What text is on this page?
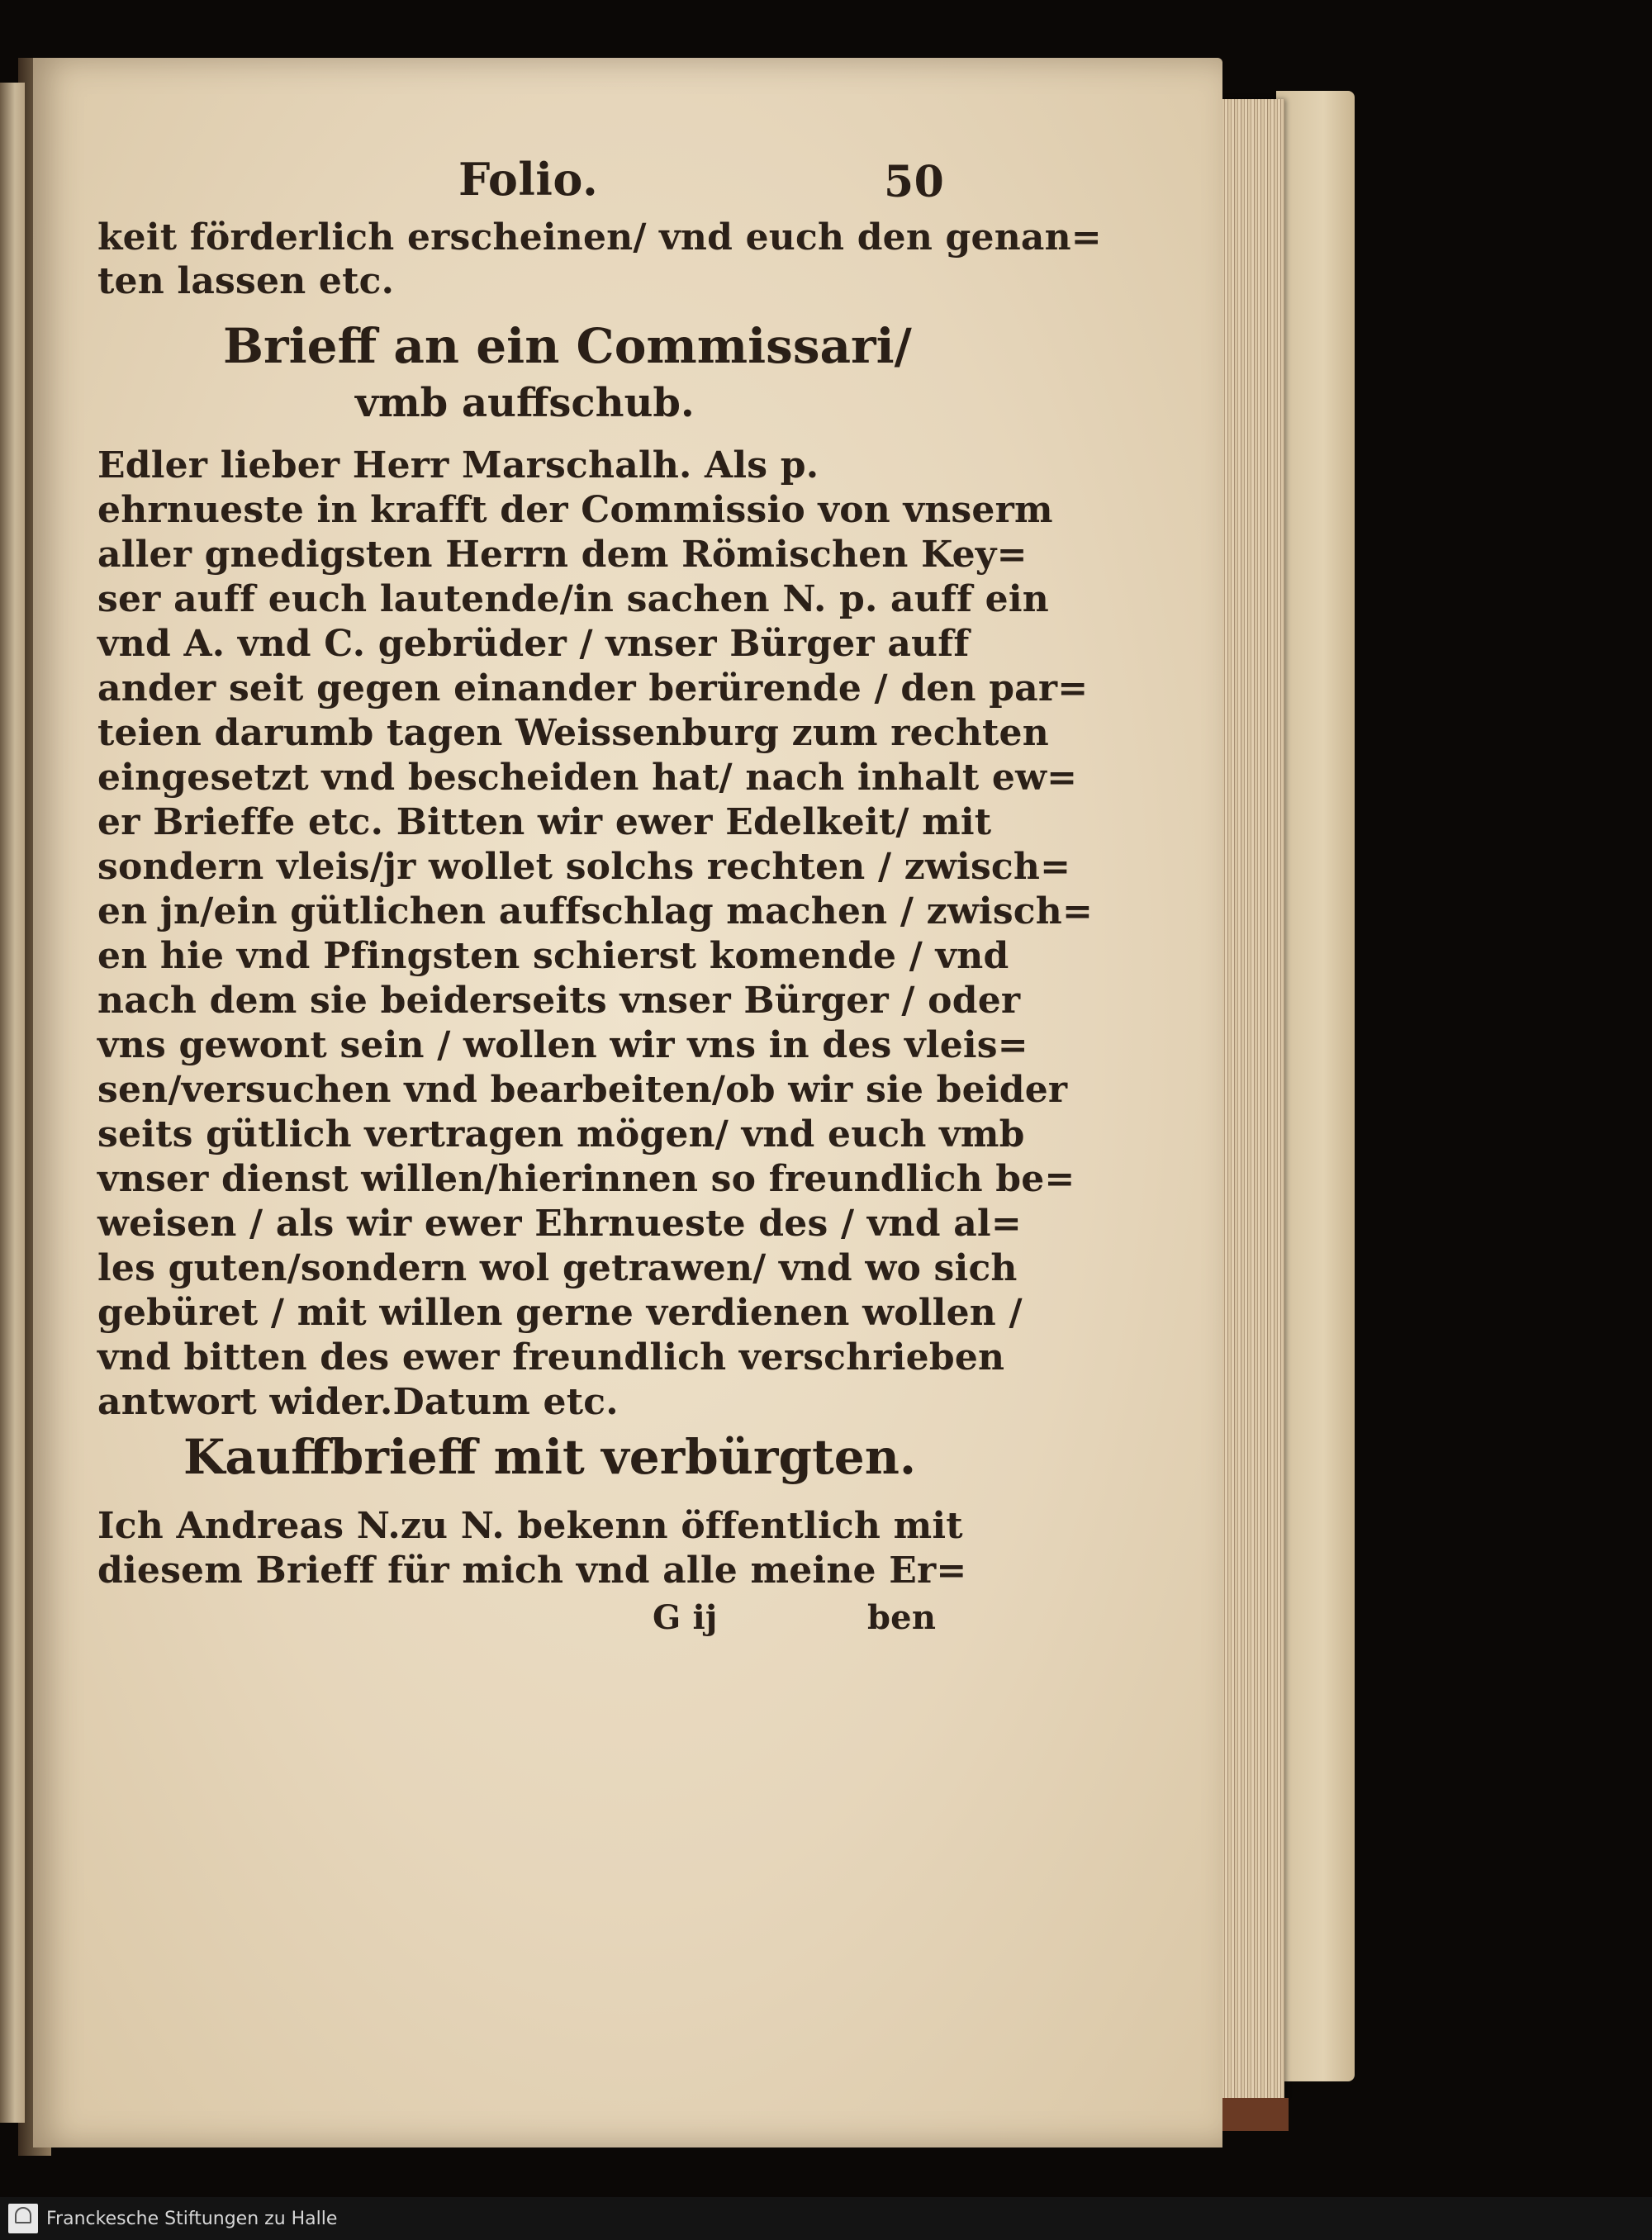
Folio.	50
keit förderlich erscheinen/ vnd euch den genan=
ten lassen etc.
Brieff an ein Commissari/
vmb auffschub.
Edler lieber Herr Marschalh. Als p.
ehrnueste in krafft der Commissio von vnserm
aller gnedigsten Herrn dem Römischen Key=
ser auff euch lautende/in sachen N. p. auff ein
vnd A. vnd C. gebrüder / vnser Bürger auff
ander seit gegen einander berürende / den par=
teien darumb tagen Weissenburg zum rechten
eingesetzt vnd bescheiden hat/ nach inhalt ew=
er Brieffe etc. Bitten wir ewer Edelkeit/ mit
sondern vleis/jr wollet solchs rechten / zwisch=
en jn/ein gütlichen auffschlag machen / zwisch=
en hie vnd Pfingsten schierst komende / vnd
nach dem sie beiderseits vnser Bürger / oder
vns gewont sein / wollen wir vns in des vleis=
sen/versuchen vnd bearbeiten/ob wir sie beider
seits gütlich vertragen mögen/ vnd euch vmb
vnser dienst willen/hierinnen so freundlich be=
weisen / als wir ewer Ehrnueste des / vnd al=
les guten/sondern wol getrawen/ vnd wo sich
gebüret / mit willen gerne verdienen wollen /
vnd bitten des ewer freundlich verschrieben
antwort wider.Datum etc.
Kauffbrieff mit verbürgten.
Ich Andreas N.zu N. bekenn öffentlich mit
diesem Brieff für mich vnd alle meine Er=
G ij	ben
Franckesche Stiftungen zu Halle
